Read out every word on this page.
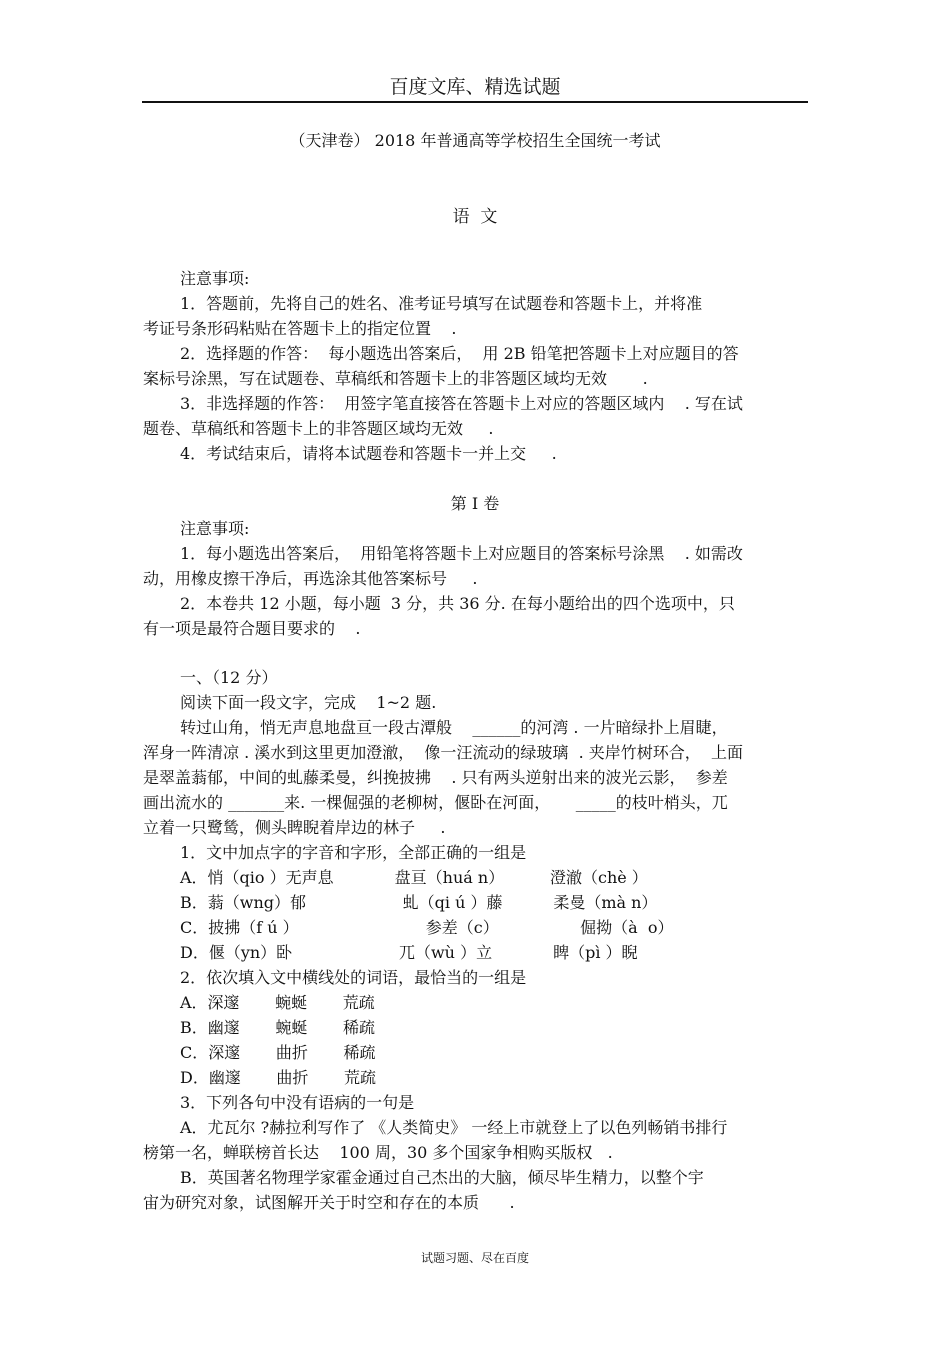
百度文库、精选试题
（天津卷） 2018 年普通高等学校招生全国统一考试
语  文
注意事项:
1．答题前，先将自己的姓名、准考证号填写在试题卷和答题卡上，并将准
考证号条形码粘贴在答题卡上的指定位置    .
2．选择题的作答：  每小题选出答案后，  用 2B 铅笔把答题卡上对应题目的答
案标号涂黑，写在试题卷、草稿纸和答题卡上的非答题区域均无效       .
3．非选择题的作答：  用签字笔直接答在答题卡上对应的答题区域内    . 写在试
题卷、草稿纸和答题卡上的非答题区域均无效     .
4．考试结束后，请将本试题卷和答题卡一并上交     .
第 I 卷
注意事项:
1．每小题选出答案后，  用铅笔将答题卡上对应题目的答案标号涂黑    . 如需改
动，用橡皮擦干净后，再选涂其他答案标号     .
2．本卷共 12 小题，每小题  3 分，共 36 分. 在每小题给出的四个选项中，只
有一项是最符合题目要求的    .
一、（12 分）
阅读下面一段文字，完成    1~2 题.
转过山角，悄无声息地盘亘一段古潭般    ______的河湾 . 一片暗绿扑上眉睫，
浑身一阵清凉 . 溪水到这里更加澄澈，  像一汪流动的绿玻璃  . 夹岸竹树环合，  上面
是翠盖蓊郁，中间的虬藤柔曼，纠挽披拂    . 只有两头逆射出来的波光云影，  参差
画出流水的 _______来. 一棵倔强的老柳树，偃卧在河面，     _____的枝叶梢头，兀
立着一只鹭鸶，侧头睥睨着岸边的林子     .
1．文中加点字的字音和字形，全部正确的一组是
A．悄（qio ）无声息            盘亘（huá n）         澄澈（chè ）
B．蓊（wng）郁                   虬（qi ú ）藤          柔曼（mà n）
C．披拂（f ú ）                         参差（c）                倔拗（à  o）
D．偃（yn）卧                     兀（wù ）立            睥（pì ）睨
2．依次填入文中横线处的词语，最恰当的一组是
A．深邃       蜿蜒       荒疏
B．幽邃       蜿蜒       稀疏
C．深邃       曲折       稀疏
D．幽邃       曲折       荒疏
3．下列各句中没有语病的一句是
A．尤瓦尔 ?赫拉利写作了 《人类简史》 一经上市就登上了以色列畅销书排行
榜第一名，蝉联榜首长达    100 周，30 多个国家争相购买版权   .
B．英国著名物理学家霍金通过自己杰出的大脑，倾尽毕生精力，以整个宇
宙为研究对象，试图解开关于时空和存在的本质      .
试题习题、尽在百度
